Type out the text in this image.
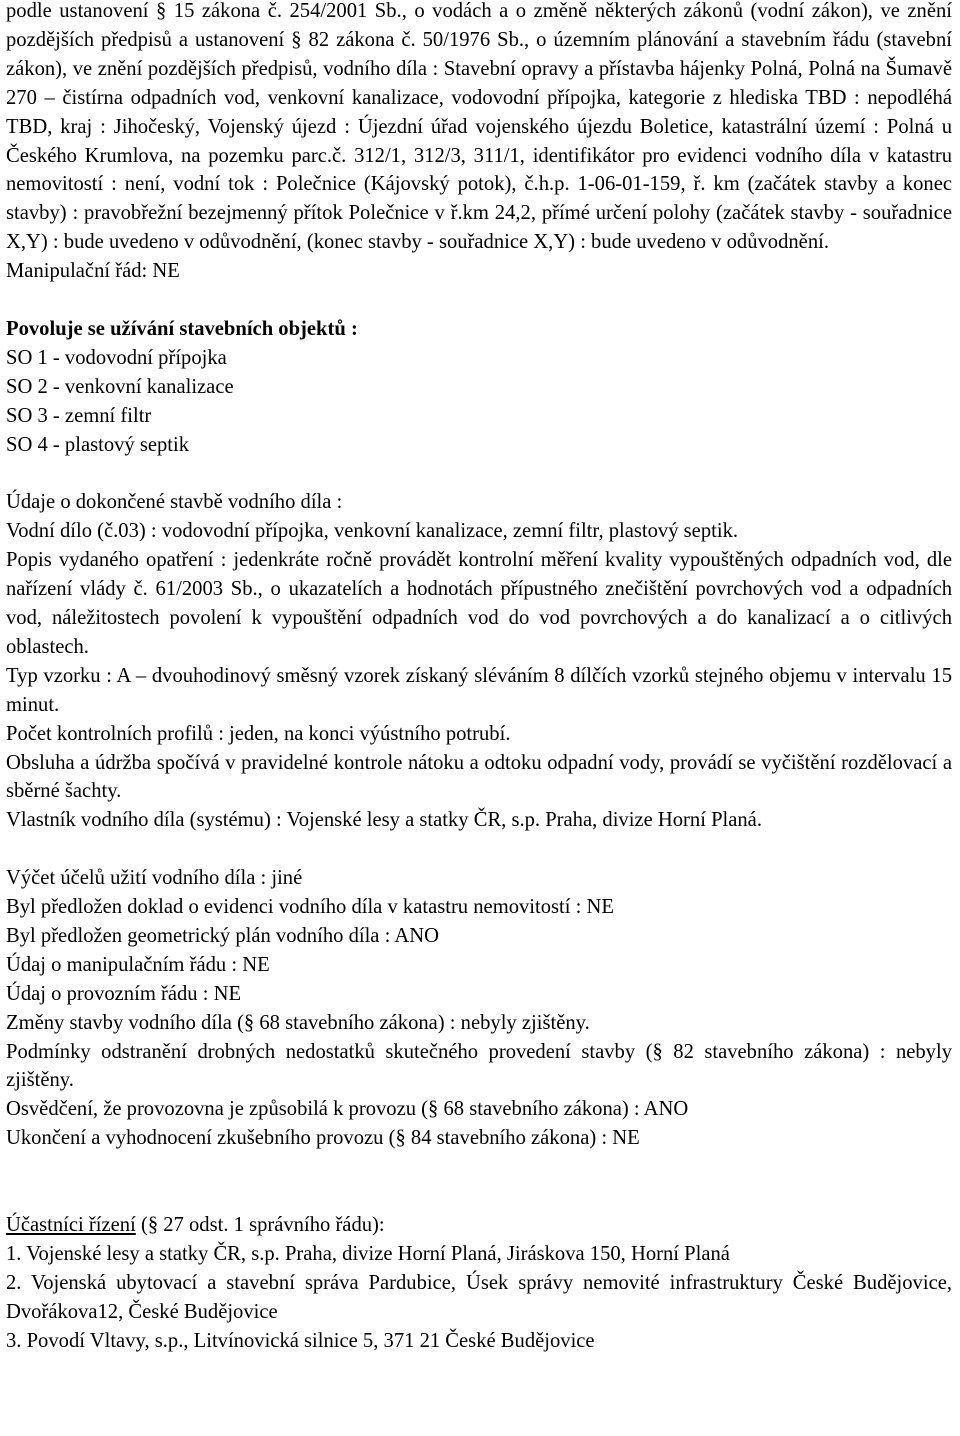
podle ustanovení § 15 zákona č. 254/2001 Sb., o vodách a o změně některých zákonů (vodní zákon), ve znění pozdějších předpisů a ustanovení § 82 zákona č. 50/1976 Sb., o územním plánování a stavebním řádu (stavební zákon), ve znění pozdějších předpisů, vodního díla : Stavební opravy a přístavba hájenky Polná, Polná na Šumavě 270 – čistírna odpadních vod, venkovní kanalizace, vodovodní přípojka, kategorie z hlediska TBD : nepodléhá TBD, kraj : Jihočeský, Vojenský újezd : Újezdní úřad vojenského újezdu Boletice, katastrální území : Polná u Českého Krumlova, na pozemku parc.č. 312/1, 312/3, 311/1, identifikátor pro evidenci vodního díla v katastru nemovitostí : není, vodní tok : Polečnice (Kájovský potok), č.h.p. 1-06-01-159, ř. km (začátek stavby a konec stavby) : pravobřežní bezejmenný přítok Polečnice v ř.km 24,2, přímé určení polohy (začátek stavby - souřadnice X,Y) : bude uvedeno v odůvodnění, (konec stavby - souřadnice X,Y) : bude uvedeno v odůvodnění.

Manipulační řád: NE

Povoluje se užívání stavebních objektů :

SO 1 - vodovodní přípojka

SO 2 - venkovní kanalizace

SO 3 - zemní filtr

SO 4 - plastový septik

Údaje o dokončené stavbě vodního díla :

Vodní dílo (č.03) : vodovodní přípojka, venkovní kanalizace, zemní filtr, plastový septik.

Popis vydaného opatření : jedenkráte ročně provádět kontrolní měření kvality vypouštěných odpadních vod, dle nařízení vlády č. 61/2003 Sb., o ukazatelích a hodnotách přípustného znečištění povrchových vod a odpadních vod, náležitostech povolení k vypouštění odpadních vod do vod povrchových a do kanalizací a o citlivých oblastech.

Typ vzorku : A – dvouhodinový směsný vzorek získaný sléváním 8 dílčích vzorků stejného objemu v intervalu 15 minut.

Počet kontrolních profilů : jeden, na konci výústního potrubí.

Obsluha a údržba spočívá v pravidelné kontrole nátoku a odtoku odpadní vody, provádí se vyčištění rozdělovací a sběrné šachty.

Vlastník vodního díla (systému) : Vojenské lesy a statky ČR, s.p. Praha, divize Horní Planá.

Výčet účelů užití vodního díla : jiné

Byl předložen doklad o evidenci vodního díla v katastru nemovitostí : NE

Byl předložen geometrický plán vodního díla : ANO

Údaj o manipulačním řádu : NE

Údaj o provozním řádu : NE

Změny stavby vodního díla (§ 68 stavebního zákona) : nebyly zjištěny.

Podmínky odstranění drobných nedostatků skutečného provedení stavby (§ 82 stavebního zákona) : nebyly zjištěny.

Osvědčení, že provozovna je způsobilá k provozu (§ 68 stavebního zákona) : ANO

Ukončení a vyhodnocení zkušebního provozu (§ 84 stavebního zákona) : NE

Účastníci řízení (§ 27 odst. 1 správního řádu):

1. Vojenské lesy a statky ČR, s.p. Praha, divize Horní Planá, Jiráskova 150, Horní Planá

2. Vojenská ubytovací a stavební správa Pardubice, Úsek správy nemovité infrastruktury České Budějovice, Dvořákova12, České Budějovice

3. Povodí Vltavy, s.p., Litvínovická silnice 5, 371 21 České Budějovice
